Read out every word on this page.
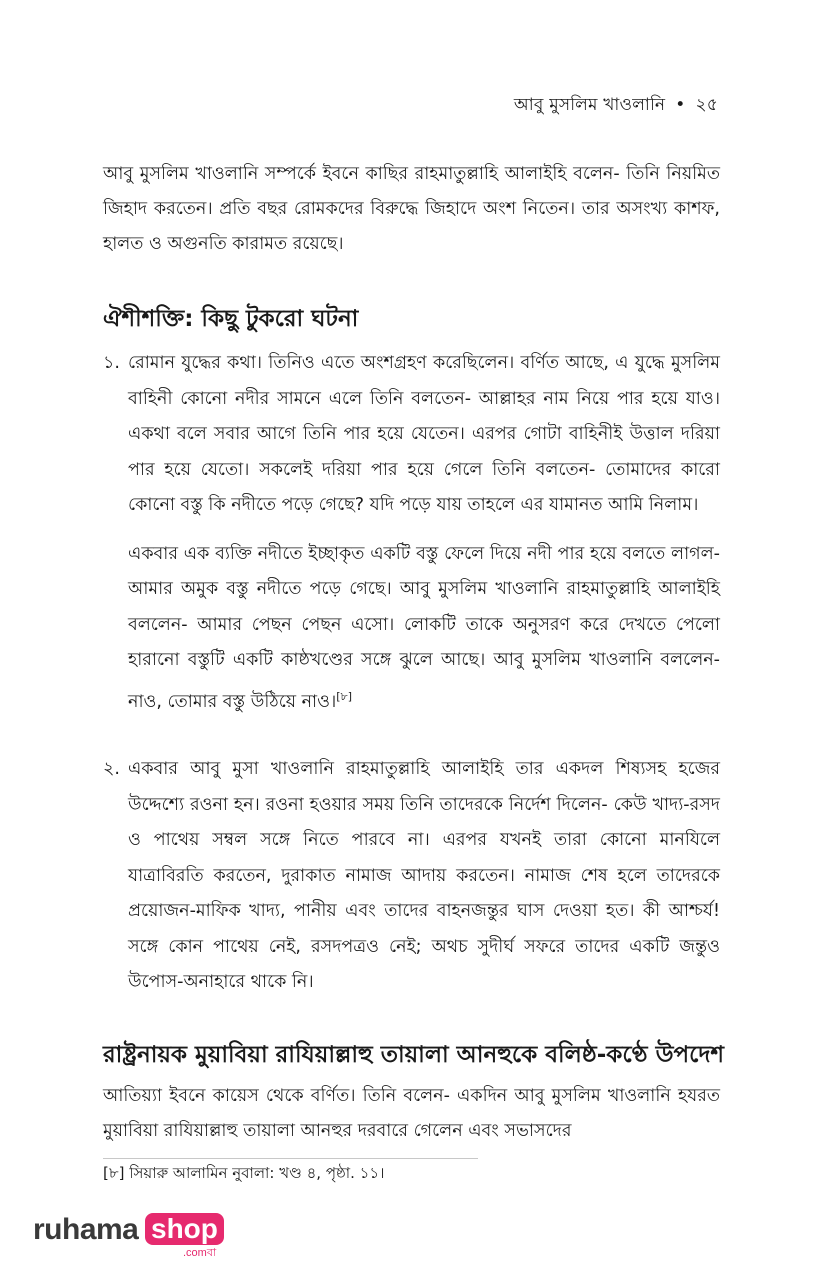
আবু মুসলিম খাওলানি • ২৫
আবু মুসলিম খাওলানি সম্পর্কে ইবনে কাছির রাহমাতুল্লাহি আলাইহি বলেন- তিনি নিয়মিত জিহাদ করতেন। প্রতি বছর রোমকদের বিরুদ্ধে জিহাদে অংশ নিতেন। তার অসংখ্য কাশফ, হালত ও অগুনতি কারামত রয়েছে।
ঐশীশক্তি: কিছু টুকরো ঘটনা
১. রোমান যুদ্ধের কথা। তিনিও এতে অংশগ্রহণ করেছিলেন। বর্ণিত আছে, এ যুদ্ধে মুসলিম বাহিনী কোনো নদীর সামনে এলে তিনি বলতেন- আল্লাহর নাম নিয়ে পার হয়ে যাও। একথা বলে সবার আগে তিনি পার হয়ে যেতেন। এরপর গোটা বাহিনীই উত্তাল দরিয়া পার হয়ে যেতো। সকলেই দরিয়া পার হয়ে গেলে তিনি বলতেন- তোমাদের কারো কোনো বস্তু কি নদীতে পড়ে গেছে? যদি পড়ে যায় তাহলে এর যামানত আমি নিলাম।

একবার এক ব্যক্তি নদীতে ইচ্ছাকৃত একটি বস্তু ফেলে দিয়ে নদী পার হয়ে বলতে লাগল- আমার অমুক বস্তু নদীতে পড়ে গেছে। আবু মুসলিম খাওলানি রাহমাতুল্লাহি আলাইহি বললেন- আমার পেছন পেছন এসো। লোকটি তাকে অনুসরণ করে দেখতে পেলো হারানো বস্তুটি একটি কাষ্ঠখণ্ডের সঙ্গে ঝুলে আছে। আবু মুসলিম খাওলানি বললেন- নাও, তোমার বস্তু উঠিয়ে নাও।[৮]

২. একবার আবু মুসা খাওলানি রাহমাতুল্লাহি আলাইহি তার একদল শিষ্যসহ হজের উদ্দেশ্যে রওনা হন। রওনা হওয়ার সময় তিনি তাদেরকে নির্দেশ দিলেন- কেউ খাদ্য-রসদ ও পাথেয় সম্বল সঙ্গে নিতে পারবে না। এরপর যখনই তারা কোনো মানযিলে যাত্রাবিরতি করতেন, দুরাকাত নামাজ আদায় করতেন। নামাজ শেষ হলে তাদেরকে প্রয়োজন-মাফিক খাদ্য, পানীয় এবং তাদের বাহনজন্তুর ঘাস দেওয়া হত। কী আশ্চর্য! সঙ্গে কোন পাথেয় নেই, রসদপত্রও নেই; অথচ সুদীর্ঘ সফরে তাদের একটি জন্তুও উপোস-অনাহারে থাকে নি।

রাষ্ট্রনায়ক মুয়াবিয়া রাযিয়াল্লাহু তায়ালা আনহুকে বলিষ্ঠ-কণ্ঠে উপদেশ
আতিয়্যা ইবনে কায়েস থেকে বর্ণিত। তিনি বলেন- একদিন আবু মুসলিম খাওলানি হযরত মুয়াবিয়া রাযিয়াল্লাহু তায়ালা আনহুর দরবারে গেলেন এবং সভাসদের
[৮] সিয়ারু আলামিন নুবালা: খণ্ড ৪, পৃষ্ঠা. ১১।
ruhama shop
.comবা
